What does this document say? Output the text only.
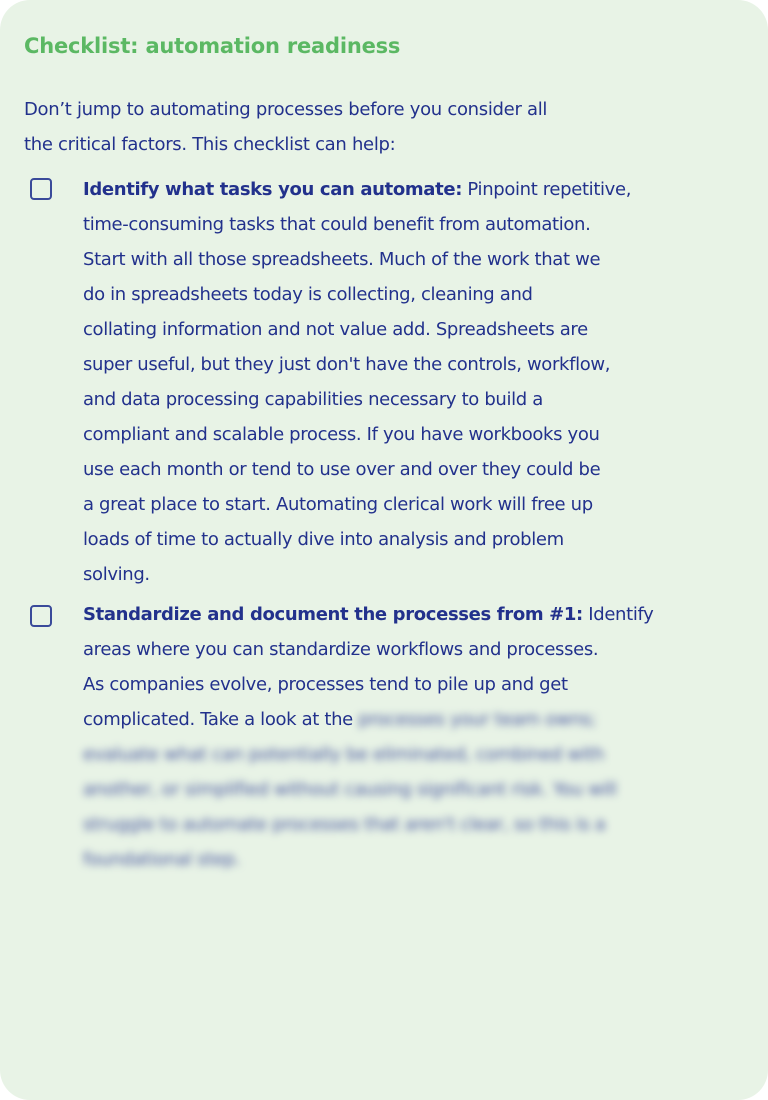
Checklist: automation readiness
Don’t jump to automating processes before you consider all
the critical factors. This checklist can help:
Identify what tasks you can automate: Pinpoint repetitive,
time-consuming tasks that could benefit from automation.
Start with all those spreadsheets. Much of the work that we
do in spreadsheets today is collecting, cleaning and
collating information and not value add. Spreadsheets are
super useful, but they just don't have the controls, workflow,
and data processing capabilities necessary to build a
compliant and scalable process. If you have workbooks you
use each month or tend to use over and over they could be
a great place to start. Automating clerical work will free up
loads of time to actually dive into analysis and problem
solving.
Standardize and document the processes from #1: Identify
areas where you can standardize workflows and processes.
As companies evolve, processes tend to pile up and get
complicated. Take a look at the processes your team owns;
evaluate what can potentially be eliminated, combined with
another, or simplified without causing significant risk. You will
struggle to automate processes that aren't clear, so this is a
foundational step.
